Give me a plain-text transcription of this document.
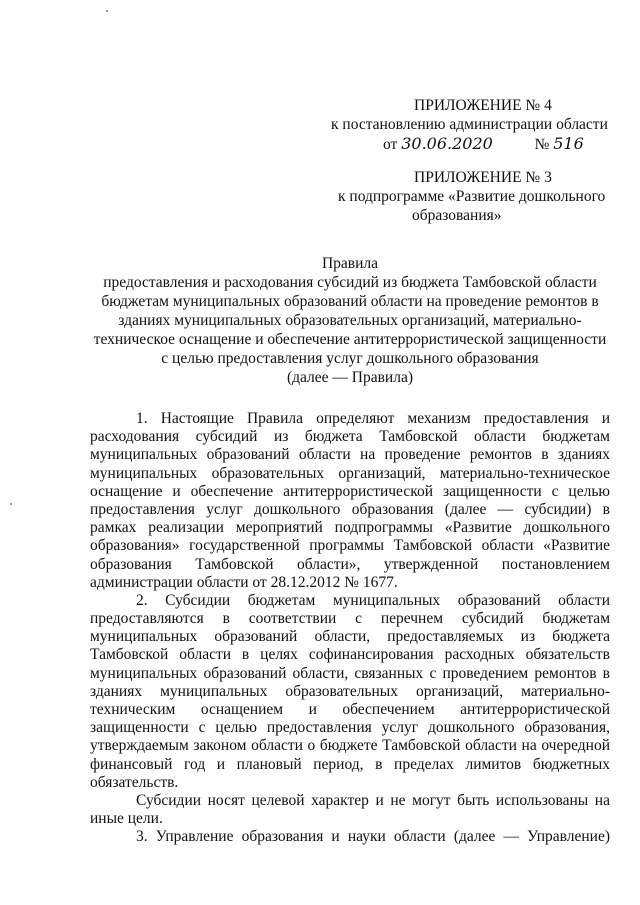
ПРИЛОЖЕНИЕ № 4
к постановлению администрации области
от 30.06.2020	№ 516
ПРИЛОЖЕНИЕ № 3
к подпрограмме «Развитие дошкольного
образования»
Правила
предоставления и расходования субсидий из бюджета Тамбовской области
бюджетам муниципальных образований области на проведение ремонтов в
зданиях муниципальных образовательных организаций, материально-
техническое оснащение и обеспечение антитеррористической защищенности
с целью предоставления услуг дошкольного образования
(далее — Правила)
1. Настоящие Правила определяют механизм предоставления и
расходования субсидий из бюджета Тамбовской области бюджетам
муниципальных образований области на проведение ремонтов в зданиях
муниципальных образовательных организаций, материально-техническое
оснащение и обеспечение антитеррористической защищенности с целью
предоставления услуг дошкольного образования (далее — субсидии) в
рамках реализации мероприятий подпрограммы «Развитие дошкольного
образования» государственной программы Тамбовской области «Развитие
образования Тамбовской области», утвержденной постановлением
администрации области от 28.12.2012 № 1677.
2. Субсидии бюджетам муниципальных образований области
предоставляются в соответствии с перечнем субсидий бюджетам
муниципальных образований области, предоставляемых из бюджета
Тамбовской области в целях софинансирования расходных обязательств
муниципальных образований области, связанных с проведением ремонтов в
зданиях муниципальных образовательных организаций, материально-
техническим оснащением и обеспечением антитеррористической
защищенности с целью предоставления услуг дошкольного образования,
утверждаемым законом области о бюджете Тамбовской области на очередной
финансовый год и плановый период, в пределах лимитов бюджетных
обязательств.
Субсидии носят целевой характер и не могут быть использованы на
иные цели.
3. Управление образования и науки области (далее — Управление)
